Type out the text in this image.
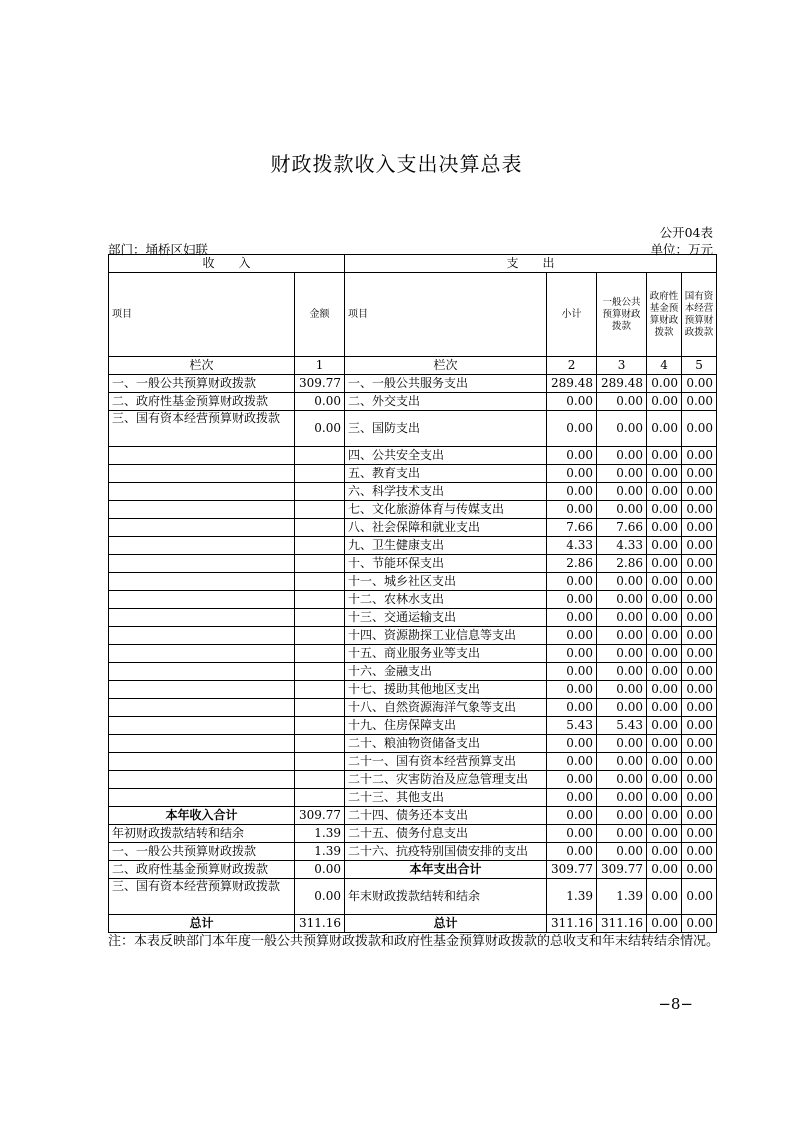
财政拨款收入支出决算总表
公开04表
部门：埇桥区妇联	单位：万元
收　　入		支　　出				
项目	金额	项目	小计	一般公共预算财政拨款	政府性基金预算财政拨款	国有资本经营预算财政拨款
栏次	1	栏次	2	3	4	5
一、一般公共预算财政拨款	309.77	一、一般公共服务支出	289.48	289.48	0.00	0.00
二、政府性基金预算财政拨款	0.00	二、外交支出	0.00	0.00	0.00	0.00
三、国有资本经营预算财政拨款	0.00	三、国防支出	0.00	0.00	0.00	0.00
		四、公共安全支出	0.00	0.00	0.00	0.00
		五、教育支出	0.00	0.00	0.00	0.00
		六、科学技术支出	0.00	0.00	0.00	0.00
		七、文化旅游体育与传媒支出	0.00	0.00	0.00	0.00
		八、社会保障和就业支出	7.66	7.66	0.00	0.00
		九、卫生健康支出	4.33	4.33	0.00	0.00
		十、节能环保支出	2.86	2.86	0.00	0.00
		十一、城乡社区支出	0.00	0.00	0.00	0.00
		十二、农林水支出	0.00	0.00	0.00	0.00
		十三、交通运输支出	0.00	0.00	0.00	0.00
		十四、资源勘探工业信息等支出	0.00	0.00	0.00	0.00
		十五、商业服务业等支出	0.00	0.00	0.00	0.00
		十六、金融支出	0.00	0.00	0.00	0.00
		十七、援助其他地区支出	0.00	0.00	0.00	0.00
		十八、自然资源海洋气象等支出	0.00	0.00	0.00	0.00
		十九、住房保障支出	5.43	5.43	0.00	0.00
		二十、粮油物资储备支出	0.00	0.00	0.00	0.00
		二十一、国有资本经营预算支出	0.00	0.00	0.00	0.00
		二十二、灾害防治及应急管理支出	0.00	0.00	0.00	0.00
		二十三、其他支出	0.00	0.00	0.00	0.00
本年收入合计	309.77	二十四、债务还本支出	0.00	0.00	0.00	0.00
年初财政拨款结转和结余	1.39	二十五、债务付息支出	0.00	0.00	0.00	0.00
一、一般公共预算财政拨款	1.39	二十六、抗疫特别国债安排的支出	0.00	0.00	0.00	0.00
二、政府性基金预算财政拨款	0.00	本年支出合计	309.77	309.77	0.00	0.00
三、国有资本经营预算财政拨款	0.00	年末财政拨款结转和结余	1.39	1.39	0.00	0.00
总计	311.16	总计	311.16	311.16	0.00	0.00
注：本表反映部门本年度一般公共预算财政拨款和政府性基金预算财政拨款的总收支和年末结转结余情况。
−8−
